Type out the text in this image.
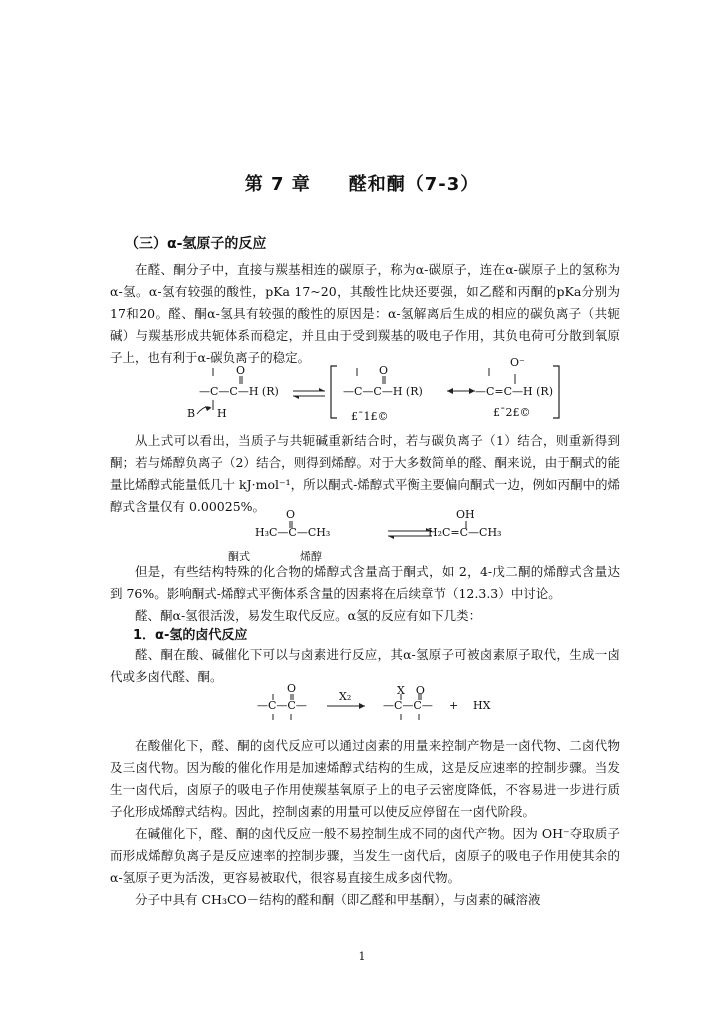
第 7 章　　醛和酮（7-3）
（三）α-氢原子的反应

在醛、酮分子中，直接与羰基相连的碳原子，称为α-碳原子，连在α-碳原子上的氢称为α-氢。α-氢有较强的酸性，pKa 17~20，其酸性比炔还要强，如乙醛和丙酮的pKa分别为17和20。醛、酮α-氢具有较强的酸性的原因是：α-氢解离后生成的相应的碳负离子（共轭碱）与羰基形成共轭体系而稳定，并且由于受到羰基的吸电子作用，其负电荷可分散到氧原子上，也有利于α-碳负离子的稳定。

O
—C—C—H (R)
B H
O
—C—C—H (R)
£¯1£©
O⁻
—C=C—H (R)
£¯2£©

从上式可以看出，当质子与共轭碱重新结合时，若与碳负离子（1）结合，则重新得到酮；若与烯醇负离子（2）结合，则得到烯醇。对于大多数简单的醛、酮来说，由于酮式的能量比烯醇式能量低几十 kJ·mol⁻¹，所以酮式-烯醇式平衡主要偏向酮式一边，例如丙酮中的烯醇式含量仅有 0.00025%。

O
H₃C—C—CH₃
OH
H₂C=C—CH₃
酮式	烯醇

但是，有些结构特殊的化合物的烯醇式含量高于酮式，如 2，4-戊二酮的烯醇式含量达到 76%。影响酮式-烯醇式平衡体系含量的因素将在后续章节（12.3.3）中讨论。

醛、酮α-氢很活泼，易发生取代反应。α氢的反应有如下几类：

1．α-氢的卤代反应

醛、酮在酸、碱催化下可以与卤素进行反应，其α-氢原子可被卤素原子取代，生成一卤代或多卤代醛、酮。

O
—C—C—
X₂	X　O
—C—C— + HX

在酸催化下，醛、酮的卤代反应可以通过卤素的用量来控制产物是一卤代物、二卤代物及三卤代物。因为酸的催化作用是加速烯醇式结构的生成，这是反应速率的控制步骤。当发生一卤代后，卤原子的吸电子作用使羰基氧原子上的电子云密度降低，不容易进一步进行质子化形成烯醇式结构。因此，控制卤素的用量可以使反应停留在一卤代阶段。

在碱催化下，醛、酮的卤代反应一般不易控制生成不同的卤代产物。因为 OH⁻夺取质子而形成烯醇负离子是反应速率的控制步骤，当发生一卤代后，卤原子的吸电子作用使其余的α-氢原子更为活泼，更容易被取代，很容易直接生成多卤代物。

分子中具有 CH₃CO－结构的醛和酮（即乙醛和甲基酮），与卤素的碱溶液

1
